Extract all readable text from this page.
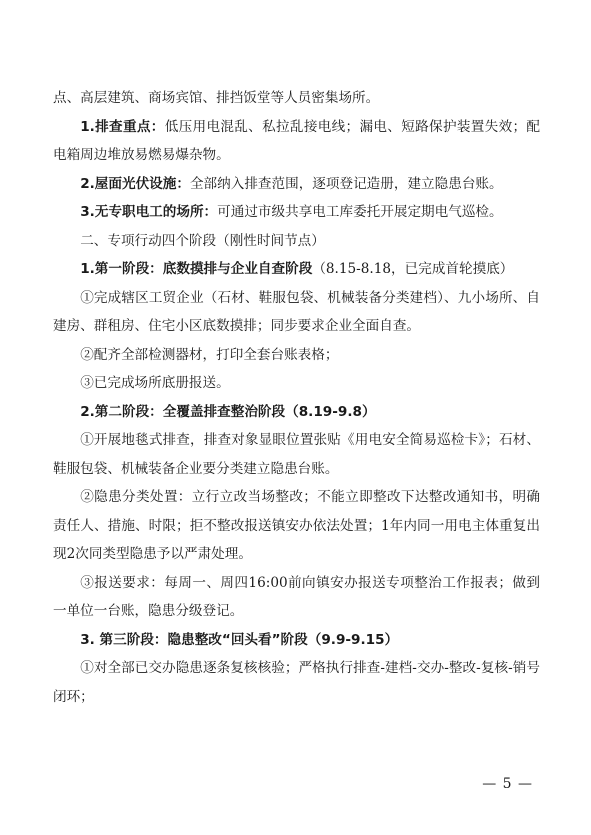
点、高层建筑、商场宾馆、排挡饭堂等人员密集场所。

1.排查重点：低压用电混乱、私拉乱接电线；漏电、短路保护装置失效；配电箱周边堆放易燃易爆杂物。

2.屋面光伏设施：全部纳入排查范围，逐项登记造册，建立隐患台账。

3.无专职电工的场所：可通过市级共享电工库委托开展定期电气巡检。

二、专项行动四个阶段（刚性时间节点）

1.第一阶段：底数摸排与企业自查阶段（8.15-8.18，已完成首轮摸底）

①完成辖区工贸企业（石材、鞋服包袋、机械装备分类建档）、九小场所、自建房、群租房、住宅小区底数摸排；同步要求企业全面自查。

②配齐全部检测器材，打印全套台账表格；

③已完成场所底册报送。

2.第二阶段：全覆盖排查整治阶段（8.19-9.8）

①开展地毯式排查，排查对象显眼位置张贴《用电安全简易巡检卡》；石材、鞋服包袋、机械装备企业要分类建立隐患台账。

②隐患分类处置：立行立改当场整改；不能立即整改下达整改通知书，明确责任人、措施、时限；拒不整改报送镇安办依法处置；1年内同一用电主体重复出现2次同类型隐患予以严肃处理。

③报送要求：每周一、周四16:00前向镇安办报送专项整治工作报表；做到一单位一台账，隐患分级登记。

3. 第三阶段：隐患整改“回头看”阶段（9.9-9.15）

①对全部已交办隐患逐条复核核验；严格执行排查-建档-交办-整改-复核-销号闭环；

— 5 —
